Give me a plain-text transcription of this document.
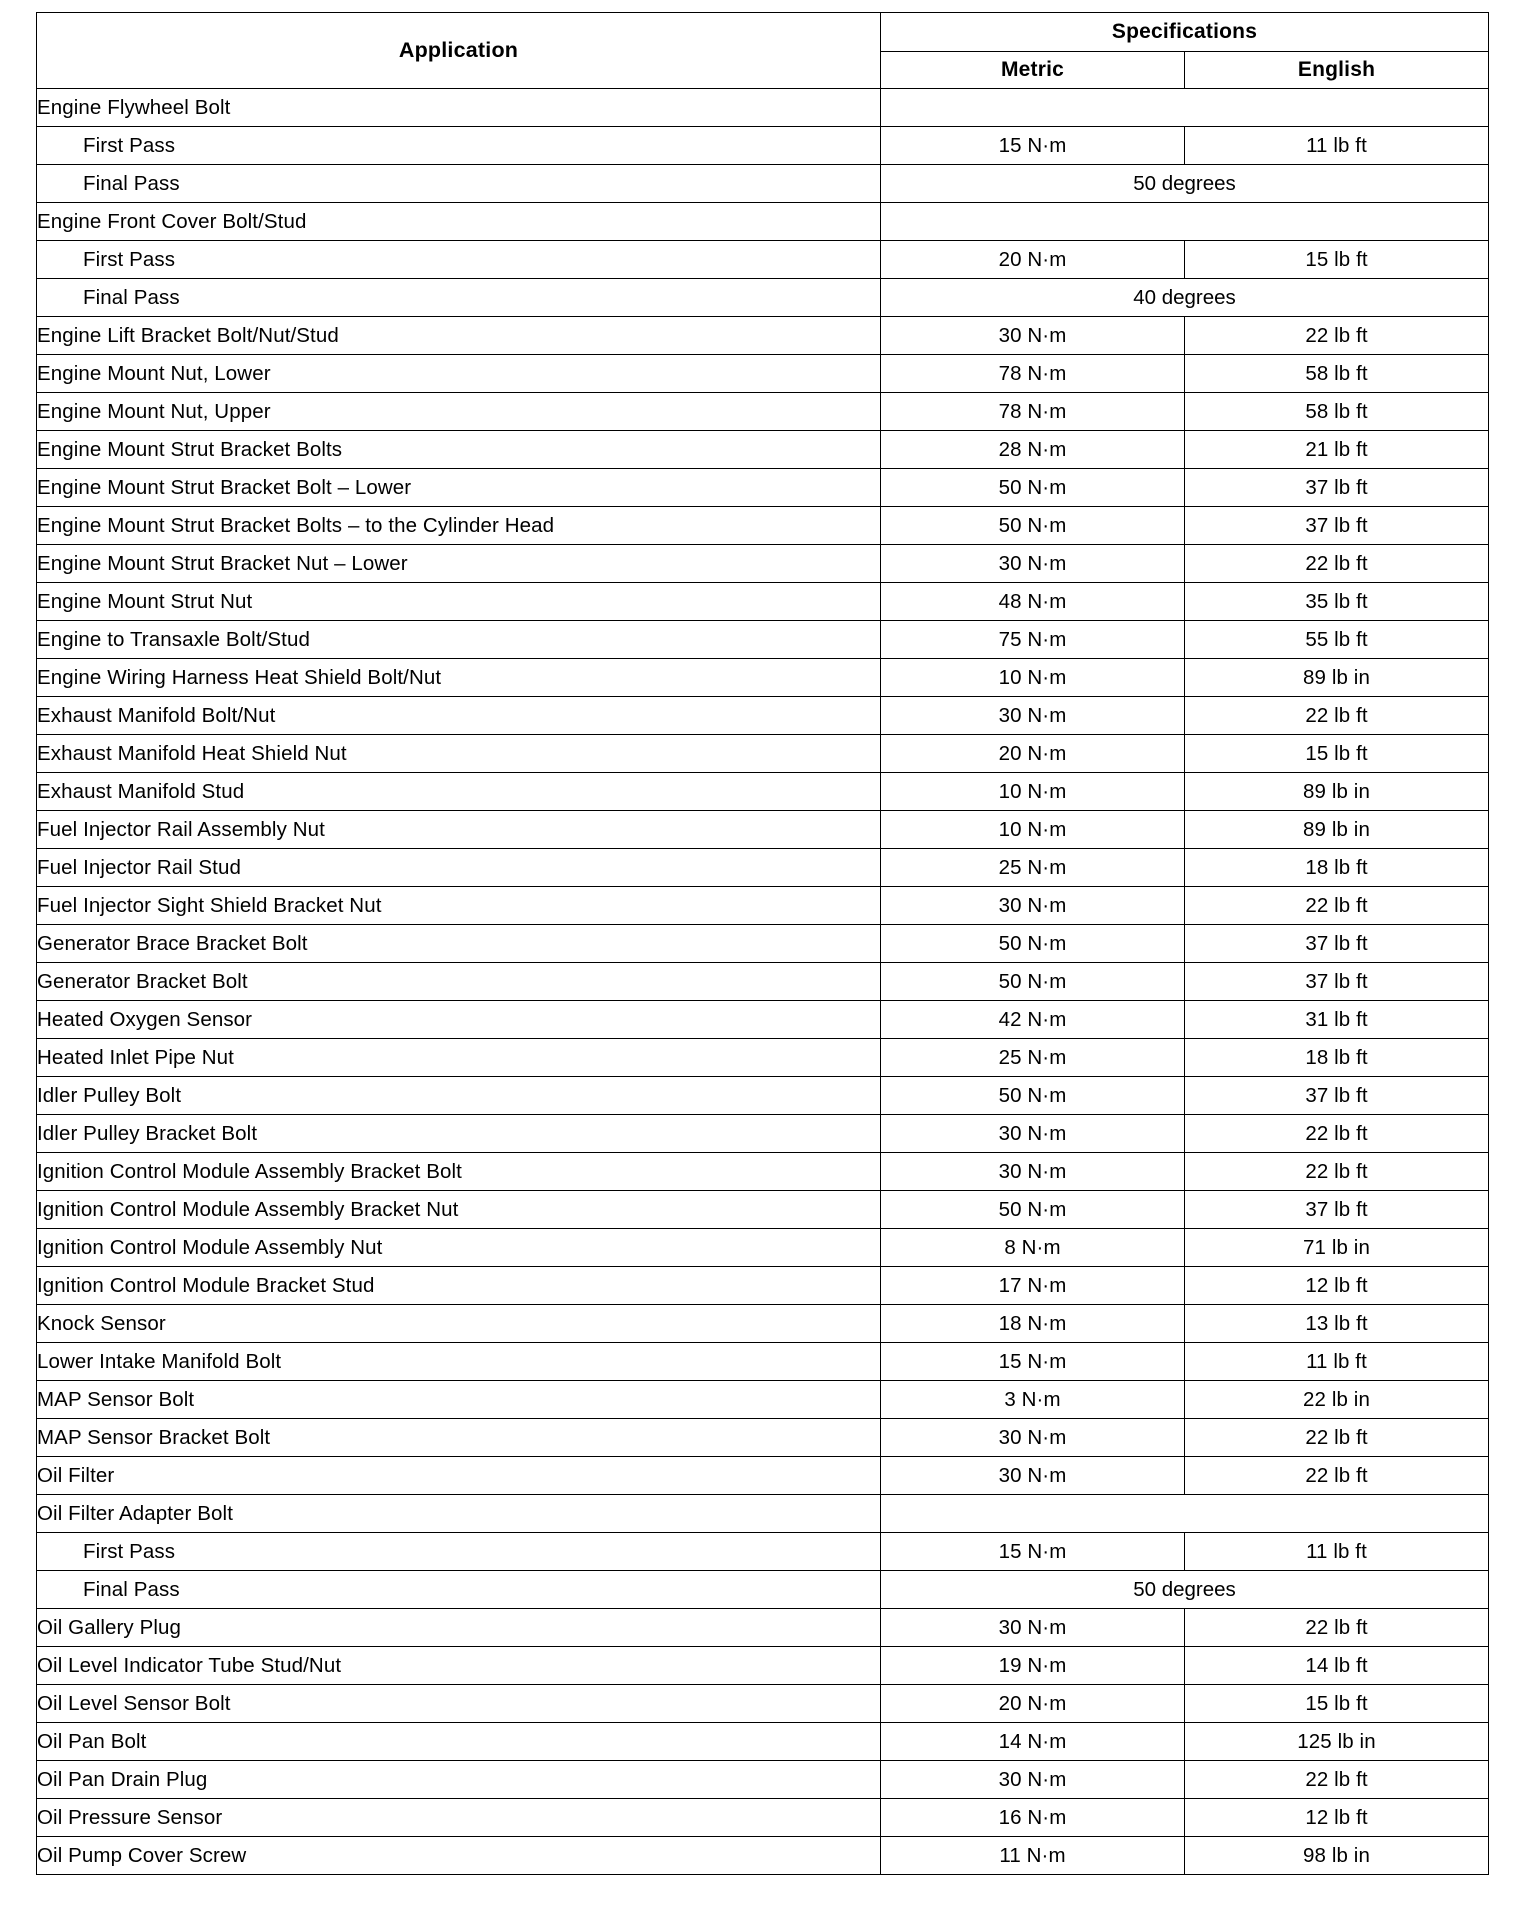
Application	Specifications	
	Metric	English
Engine Flywheel Bolt		
First Pass	15 N·m	11 lb ft
Final Pass	50 degrees	
Engine Front Cover Bolt/Stud		
First Pass	20 N·m	15 lb ft
Final Pass	40 degrees	
Engine Lift Bracket Bolt/Nut/Stud	30 N·m	22 lb ft
Engine Mount Nut, Lower	78 N·m	58 lb ft
Engine Mount Nut, Upper	78 N·m	58 lb ft
Engine Mount Strut Bracket Bolts	28 N·m	21 lb ft
Engine Mount Strut Bracket Bolt – Lower	50 N·m	37 lb ft
Engine Mount Strut Bracket Bolts – to the Cylinder Head	50 N·m	37 lb ft
Engine Mount Strut Bracket Nut – Lower	30 N·m	22 lb ft
Engine Mount Strut Nut	48 N·m	35 lb ft
Engine to Transaxle Bolt/Stud	75 N·m	55 lb ft
Engine Wiring Harness Heat Shield Bolt/Nut	10 N·m	89 lb in
Exhaust Manifold Bolt/Nut	30 N·m	22 lb ft
Exhaust Manifold Heat Shield Nut	20 N·m	15 lb ft
Exhaust Manifold Stud	10 N·m	89 lb in
Fuel Injector Rail Assembly Nut	10 N·m	89 lb in
Fuel Injector Rail Stud	25 N·m	18 lb ft
Fuel Injector Sight Shield Bracket Nut	30 N·m	22 lb ft
Generator Brace Bracket Bolt	50 N·m	37 lb ft
Generator Bracket Bolt	50 N·m	37 lb ft
Heated Oxygen Sensor	42 N·m	31 lb ft
Heated Inlet Pipe Nut	25 N·m	18 lb ft
Idler Pulley Bolt	50 N·m	37 lb ft
Idler Pulley Bracket Bolt	30 N·m	22 lb ft
Ignition Control Module Assembly Bracket Bolt	30 N·m	22 lb ft
Ignition Control Module Assembly Bracket Nut	50 N·m	37 lb ft
Ignition Control Module Assembly Nut	8 N·m	71 lb in
Ignition Control Module Bracket Stud	17 N·m	12 lb ft
Knock Sensor	18 N·m	13 lb ft
Lower Intake Manifold Bolt	15 N·m	11 lb ft
MAP Sensor Bolt	3 N·m	22 lb in
MAP Sensor Bracket Bolt	30 N·m	22 lb ft
Oil Filter	30 N·m	22 lb ft
Oil Filter Adapter Bolt		
First Pass	15 N·m	11 lb ft
Final Pass	50 degrees	
Oil Gallery Plug	30 N·m	22 lb ft
Oil Level Indicator Tube Stud/Nut	19 N·m	14 lb ft
Oil Level Sensor Bolt	20 N·m	15 lb ft
Oil Pan Bolt	14 N·m	125 lb in
Oil Pan Drain Plug	30 N·m	22 lb ft
Oil Pressure Sensor	16 N·m	12 lb ft
Oil Pump Cover Screw	11 N·m	98 lb in
